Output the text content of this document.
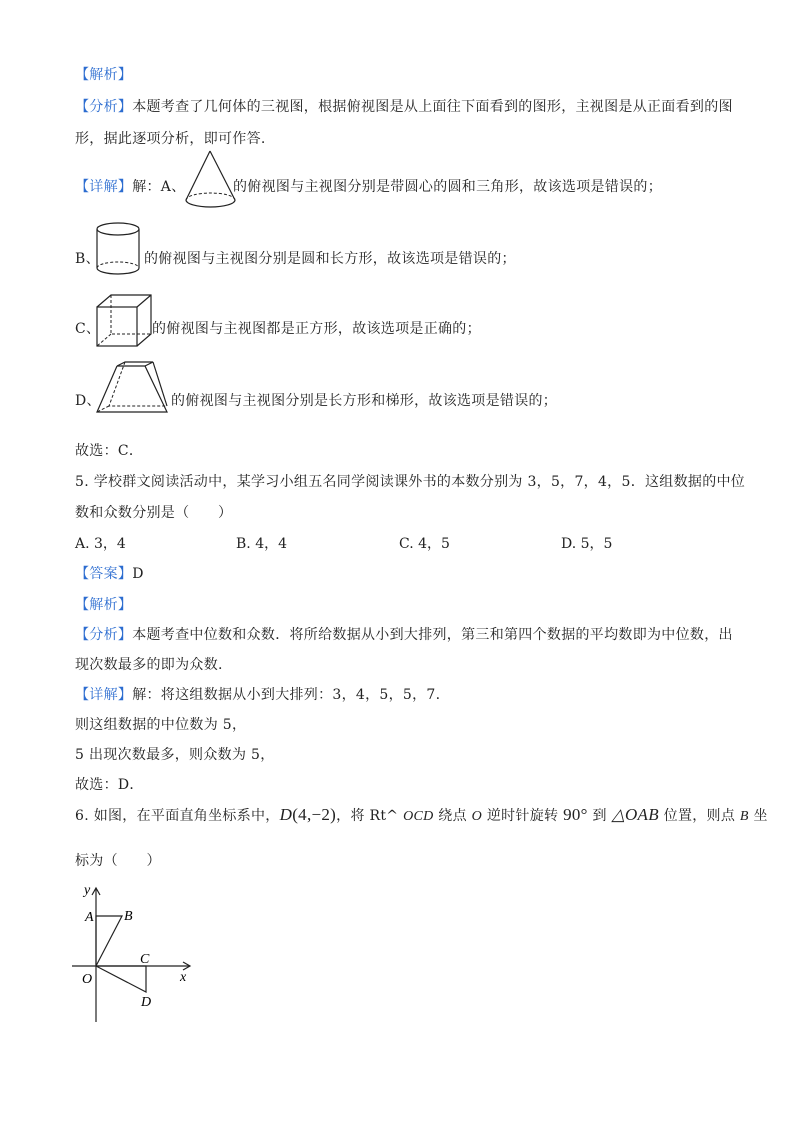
【解析】
【分析】本题考查了几何体的三视图，根据俯视图是从上面往下面看到的图形，主视图是从正面看到的图
形，据此逐项分析，即可作答.
【详解】解：A、	的俯视图与主视图分别是带圆心的圆和三角形，故该选项是错误的；
B、	的俯视图与主视图分别是圆和长方形，故该选项是错误的；
C、	的俯视图与主视图都是正方形，故该选项是正确的；
D、	的俯视图与主视图分别是长方形和梯形，故该选项是错误的；
故选：C．
5. 学校群文阅读活动中，某学习小组五名同学阅读课外书的本数分别为 3，5，7，4，5．这组数据的中位
数和众数分别是（　　）
A. 3，4	B. 4，4	C. 4，5	D. 5，5
【答案】D
【解析】
【分析】本题考查中位数和众数．将所给数据从小到大排列，第三和第四个数据的平均数即为中位数，出
现次数最多的即为众数.
【详解】解：将这组数据从小到大排列：3，4，5，5，7.
则这组数据的中位数为 5，
5 出现次数最多，则众数为 5，
故选：D．
6. 如图，在平面直角坐标系中，D(4,−2)，将 Rt^ OCD 绕点 O 逆时针旋转 90° 到 △OAB 位置，则点 B 坐
标为（　　）
y
x
A B
C
D
O
